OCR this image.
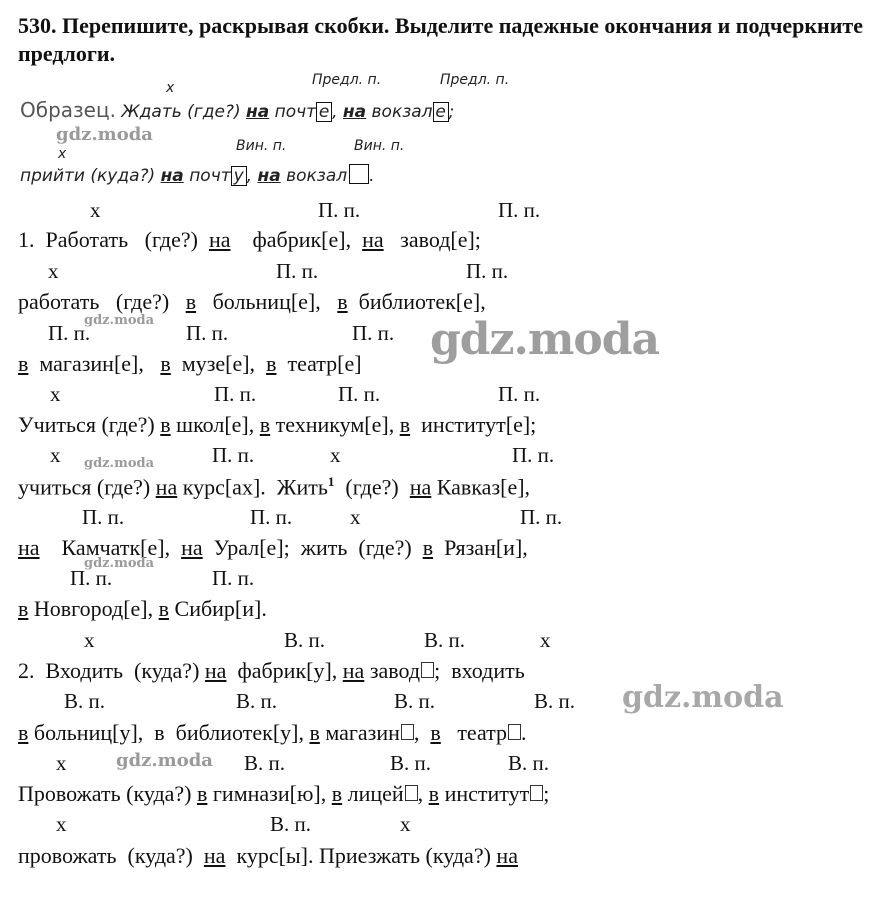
530. Перепишите, раскрывая скобки. Выделите падежные окончания и подчеркните предлоги.
x	Предл. п.	Предл. п.
Образец. Ждать (где?) на почт е , на вокзал е ;
x	Вин. п.	Вин. п.
прийти (куда?) на почт у , на вокзал .
x	П. п.	П. п.
1. Работать (где?) на фабрик[е], на завод[е];
x	П. п.	П. п.
работать (где?) в больниц[е], в библиотек[е],
П. п.	П. п.	П. п.
в магазин[е], в музе[е], в театр[е]
x	П. п.	П. п.	П. п.
Учиться (где?) в школ[е], в техникум[е], в институт[е];
x	П. п.	x	П. п.
учиться (где?) на курс[ах]. Жить$^1$ (где?) на Кавказ[е],
П. п.	П. п.	x	П. п.
на Камчатк[е], на Урал[е]; жить (где?) в Рязан[и],
П. п.	П. п.
в Новгород[е], в Сибир[и].
x	В. п.	В. п.	x
2. Входить (куда?) на фабрик[у], на завод ; входить
В. п.	В. п.	В. п.	В. п.
в больниц[у], в библиотек[у], в магазин , в театр .
x	В. п.	В. п.	В. п.
Провожать (куда?) в гимнази[ю], в лицей , в институт ;
x	В. п.	x
провожать (куда?) на курс[ы]. Приезжать (куда?) на
gdz.moda
gdz.moda	gdz.moda
gdz.moda
gdz.moda
gdz.moda
gdz.moda
